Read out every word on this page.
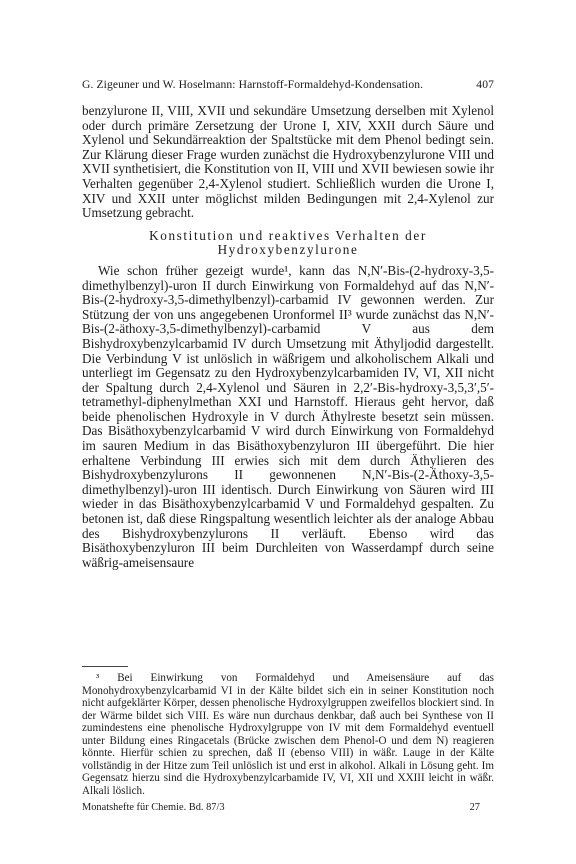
G. Zigeuner und W. Hoselmann: Harnstoff-Formaldehyd-Kondensation.	407

benzylurone II, VIII, XVII und sekundäre Umsetzung derselben mit Xylenol oder durch primäre Zersetzung der Urone I, XIV, XXII durch Säure und Xylenol und Sekundärreaktion der Spaltstücke mit dem Phenol bedingt sein. Zur Klärung dieser Frage wurden zunächst die Hydroxybenzylurone VIII und XVII synthetisiert, die Konstitution von II, VIII und XVII bewiesen sowie ihr Verhalten gegenüber 2,4-Xylenol studiert. Schließlich wurden die Urone I, XIV und XXII unter möglichst milden Bedingungen mit 2,4-Xylenol zur Umsetzung gebracht.

Konstitution und reaktives Verhalten der Hydroxybenzylurone

Wie schon früher gezeigt wurde¹, kann das N,N′-Bis-(2-hydroxy-3,5-dimethylbenzyl)-uron II durch Einwirkung von Formaldehyd auf das N,N′-Bis-(2-hydroxy-3,5-dimethylbenzyl)-carbamid IV gewonnen werden. Zur Stützung der von uns angegebenen Uronformel II³ wurde zunächst das N,N′-Bis-(2-äthoxy-3,5-dimethylbenzyl)-carbamid V aus dem Bishydroxybenzylcarbamid IV durch Umsetzung mit Äthyljodid dargestellt. Die Verbindung V ist unlöslich in wäßrigem und alkoholischem Alkali und unterliegt im Gegensatz zu den Hydroxybenzylcarbamiden IV, VI, XII nicht der Spaltung durch 2,4-Xylenol und Säuren in 2,2′-Bis-hydroxy-3,5,3′,5′-tetramethyl-diphenylmethan XXI und Harnstoff. Hieraus geht hervor, daß beide phenolischen Hydroxyle in V durch Äthylreste besetzt sein müssen. Das Bisäthoxybenzylcarbamid V wird durch Einwirkung von Formaldehyd im sauren Medium in das Bisäthoxybenzyluron III übergeführt. Die hier erhaltene Verbindung III erwies sich mit dem durch Äthylieren des Bishydroxybenzylurons II gewonnenen N,N′-Bis-(2-Äthoxy-3,5-dimethylbenzyl)-uron III identisch. Durch Einwirkung von Säuren wird III wieder in das Bisäthoxybenzylcarbamid V und Formaldehyd gespalten. Zu betonen ist, daß diese Ringspaltung wesentlich leichter als der analoge Abbau des Bishydroxybenzylurons II verläuft. Ebenso wird das Bisäthoxybenzyluron III beim Durchleiten von Wasserdampf durch seine wäßrig-ameisensaure

³ Bei Einwirkung von Formaldehyd und Ameisensäure auf das Monohydroxybenzylcarbamid VI in der Kälte bildet sich ein in seiner Konstitution noch nicht aufgeklärter Körper, dessen phenolische Hydroxylgruppen zweifellos blockiert sind. In der Wärme bildet sich VIII. Es wäre nun durchaus denkbar, daß auch bei Synthese von II zumindestens eine phenolische Hydroxylgruppe von IV mit dem Formaldehyd eventuell unter Bildung eines Ringacetals (Brücke zwischen dem Phenol-O und dem N) reagieren könnte. Hierfür schien zu sprechen, daß II (ebenso VIII) in wäßr. Lauge in der Kälte vollständig in der Hitze zum Teil unlöslich ist und erst in alkohol. Alkali in Lösung geht. Im Gegensatz hierzu sind die Hydroxybenzylcarbamide IV, VI, XII und XXIII leicht in wäßr. Alkali löslich.

Monatshefte für Chemie. Bd. 87/3	27
